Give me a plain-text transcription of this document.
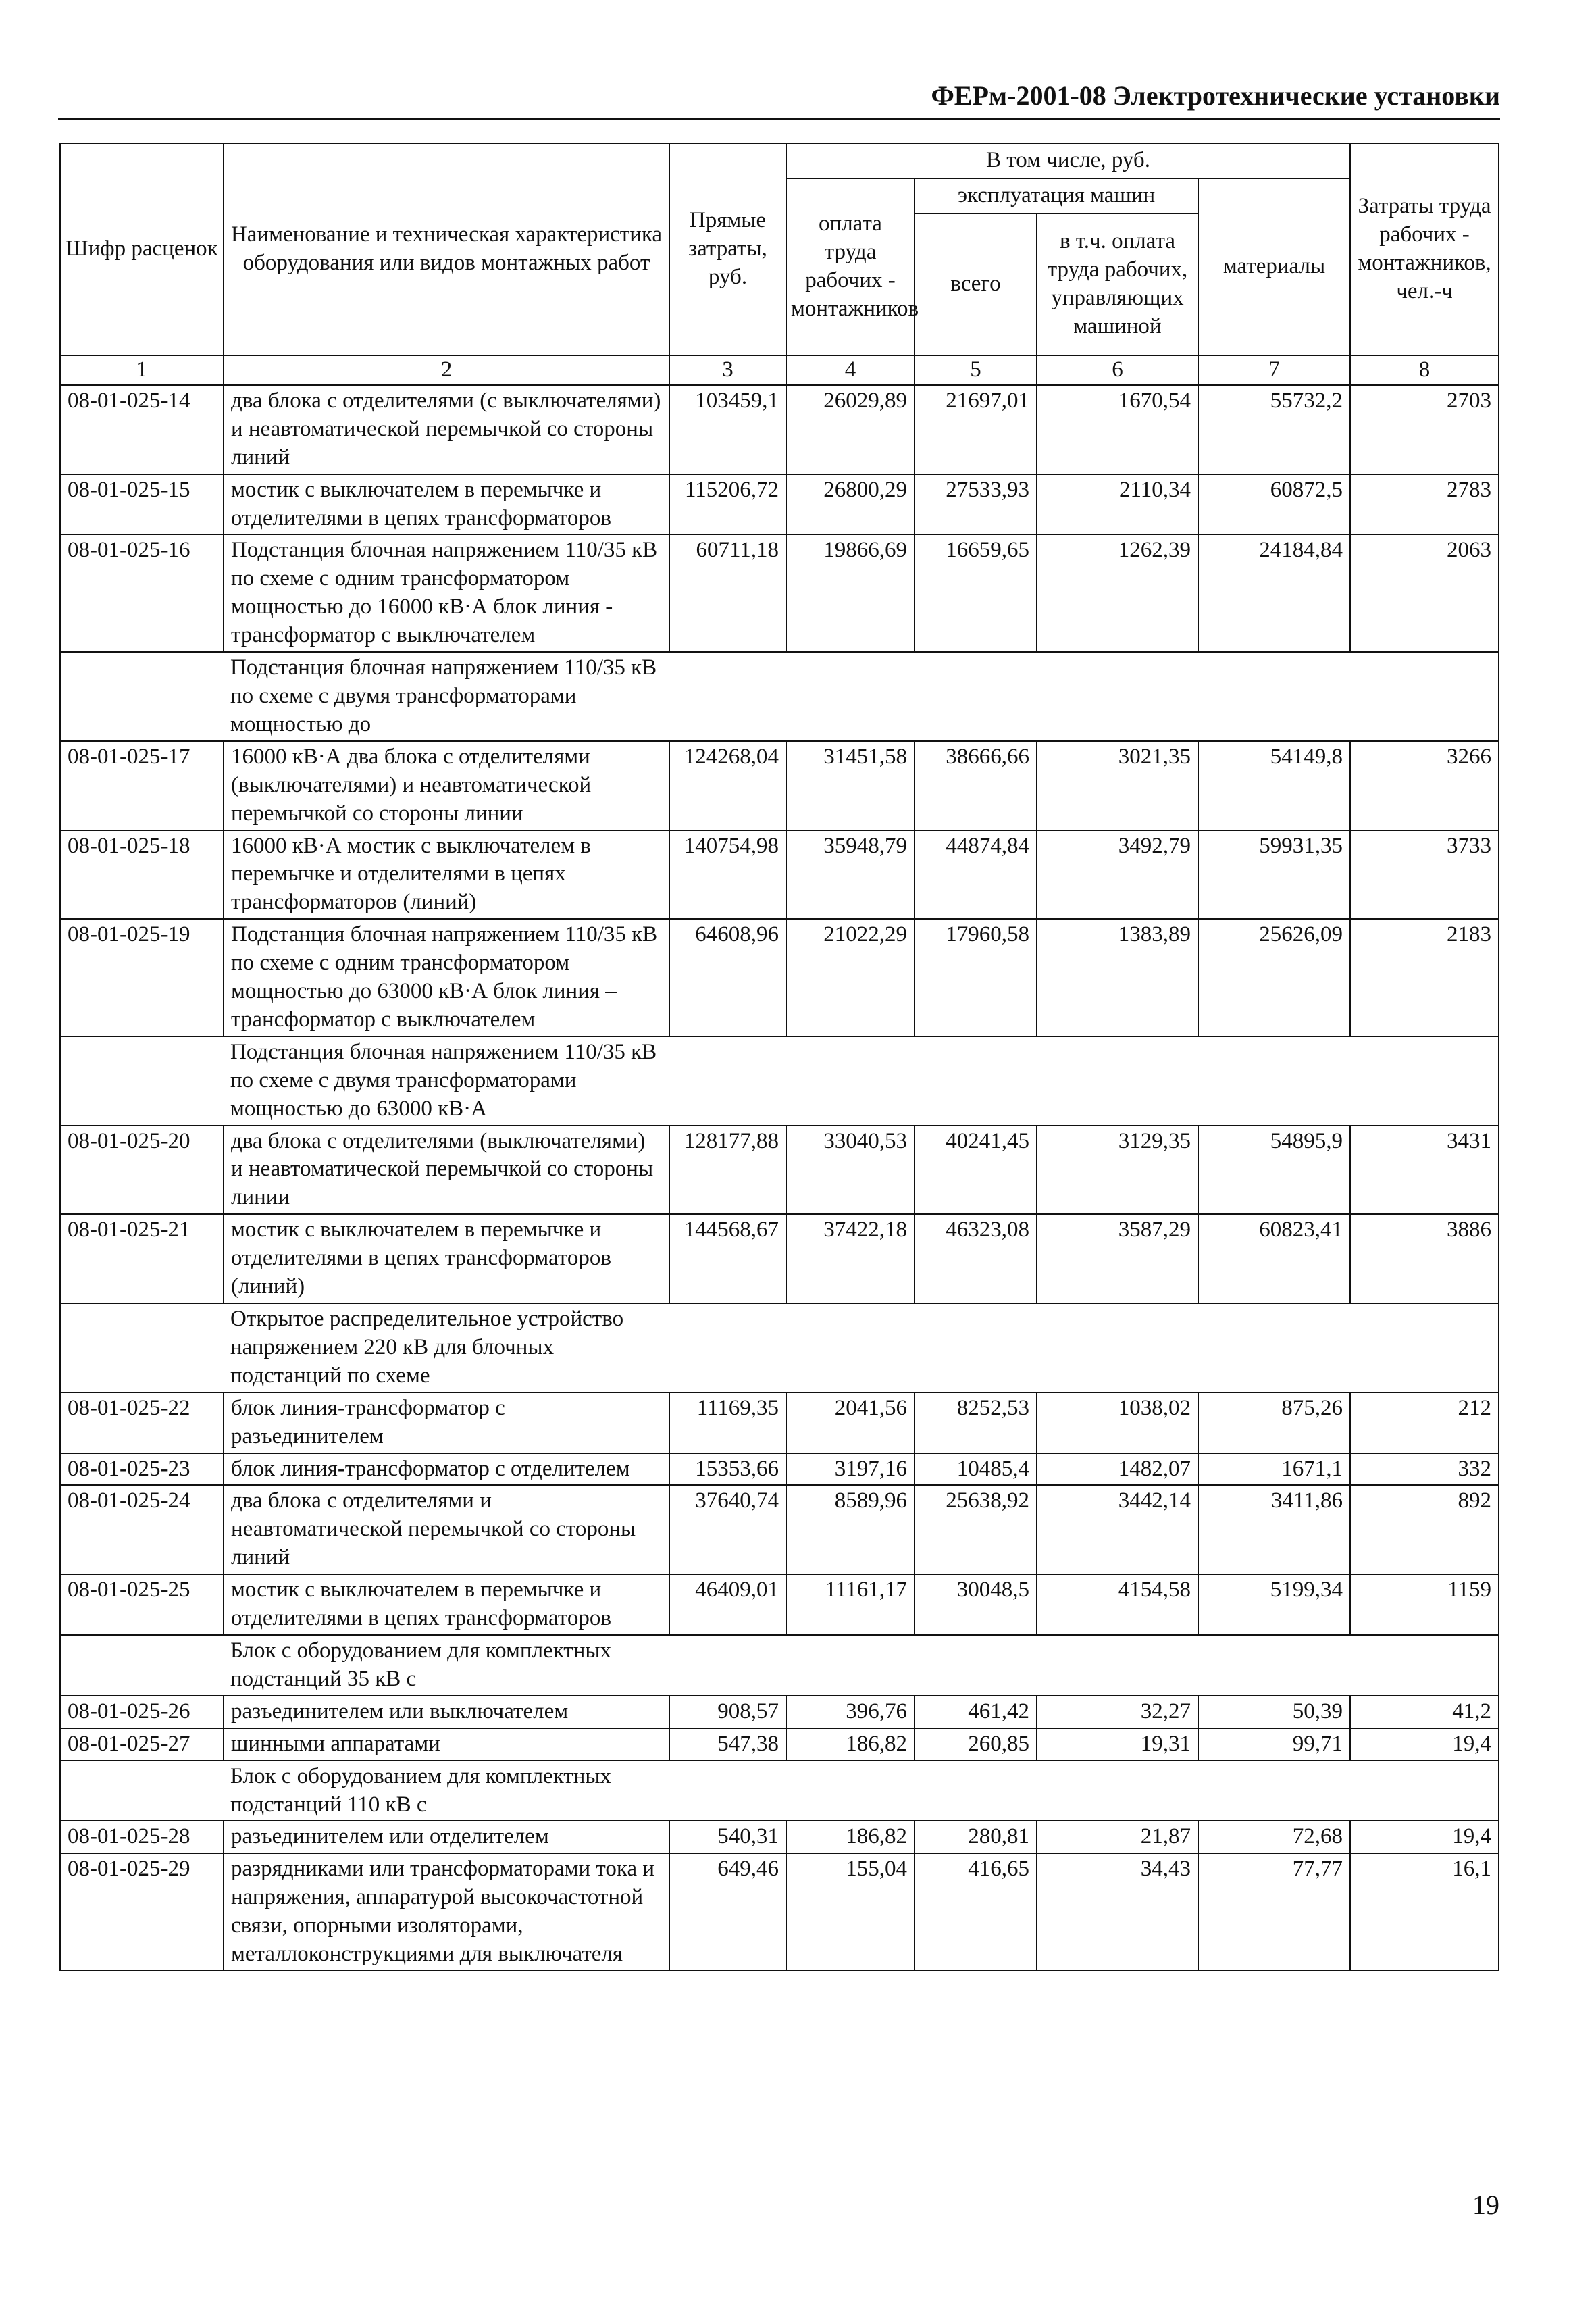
ФЕРм-2001-08 Электротехнические установки
Шифр расценок	Наименование и техническая характеристика оборудования или видов монтажных работ	Прямые затраты, руб.	В том числе, руб.				Затраты труда рабочих - монтажников, чел.-ч
			оплата труда рабочих - монтажников	эксплуатация машин		материалы	
				всего	в т.ч. оплата труда рабочих, управляющих машиной		
1	2	3	4	5	6	7	8
08-01-025-14	два блока с отделителями (с выключателями) и неавтоматической перемычкой со стороны линий	103459,1	26029,89	21697,01	1670,54	55732,2	2703
08-01-025-15	мостик с выключателем в перемычке и отделителями в цепях трансформаторов	115206,72	26800,29	27533,93	2110,34	60872,5	2783
08-01-025-16	Подстанция блочная напряжением 110/35 кВ по схеме с одним трансформатором мощностью до 16000 кВ·А блок линия - трансформатор с выключателем	60711,18	19866,69	16659,65	1262,39	24184,84	2063
	Подстанция блочная напряжением 110/35 кВ по схеме с двумя трансформаторами мощностью до						
08-01-025-17	16000 кВ·А два блока с отделителями (выключателями) и неавтоматической перемычкой со стороны линии	124268,04	31451,58	38666,66	3021,35	54149,8	3266
08-01-025-18	16000 кВ·А мостик с выключателем в перемычке и отделителями в цепях трансформаторов (линий)	140754,98	35948,79	44874,84	3492,79	59931,35	3733
08-01-025-19	Подстанция блочная напряжением 110/35 кВ по схеме с одним трансформатором мощностью до 63000 кВ·А блок линия – трансформатор с выключателем	64608,96	21022,29	17960,58	1383,89	25626,09	2183
	Подстанция блочная напряжением 110/35 кВ по схеме с двумя трансформаторами мощностью до 63000 кВ·А						
08-01-025-20	два блока с отделителями (выключателями) и неавтоматической перемычкой со стороны линии	128177,88	33040,53	40241,45	3129,35	54895,9	3431
08-01-025-21	мостик с выключателем в перемычке и отделителями в цепях трансформаторов (линий)	144568,67	37422,18	46323,08	3587,29	60823,41	3886
	Открытое распределительное устройство напряжением 220 кВ для блочных подстанций по схеме						
08-01-025-22	блок линия-трансформатор с разъединителем	11169,35	2041,56	8252,53	1038,02	875,26	212
08-01-025-23	блок линия-трансформатор с отделителем	15353,66	3197,16	10485,4	1482,07	1671,1	332
08-01-025-24	два блока с отделителями и неавтоматической перемычкой со стороны линий	37640,74	8589,96	25638,92	3442,14	3411,86	892
08-01-025-25	мостик с выключателем в перемычке и отделителями в цепях трансформаторов	46409,01	11161,17	30048,5	4154,58	5199,34	1159
	Блок с оборудованием для комплектных подстанций 35 кВ с						
08-01-025-26	разъединителем или выключателем	908,57	396,76	461,42	32,27	50,39	41,2
08-01-025-27	шинными аппаратами	547,38	186,82	260,85	19,31	99,71	19,4
	Блок с оборудованием для комплектных подстанций 110 кВ с						
08-01-025-28	разъединителем или отделителем	540,31	186,82	280,81	21,87	72,68	19,4
08-01-025-29	разрядниками или трансформаторами тока и напряжения, аппаратурой высокочастотной связи, опорными изоляторами, металлоконструкциями для выключателя	649,46	155,04	416,65	34,43	77,77	16,1
19
